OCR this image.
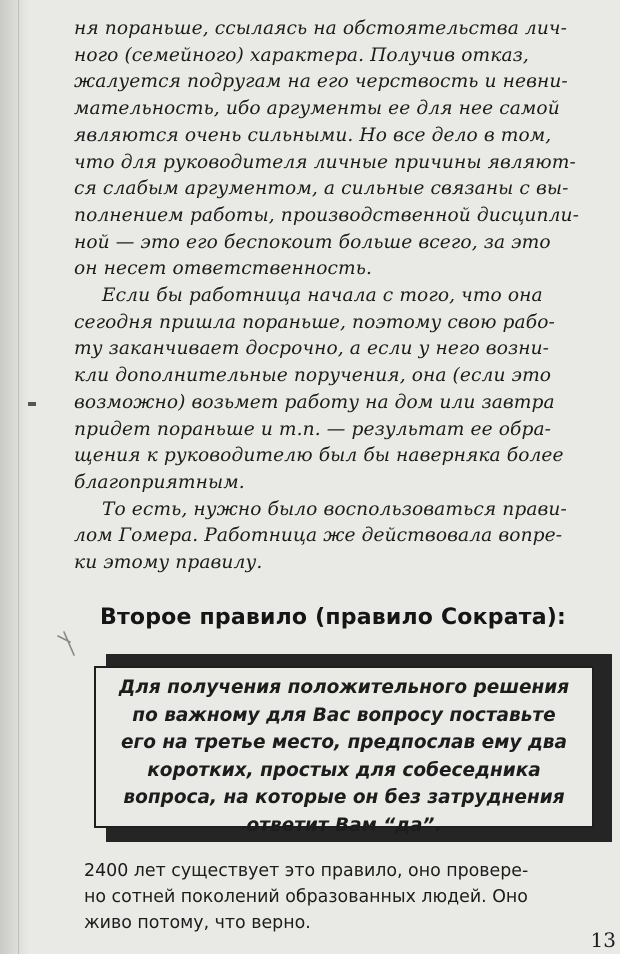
ня пораньше, ссылаясь на обстоятельства лич-
ного (семейного) характера. Получив отказ,
жалуется подругам на его черствость и невни-
мательность, ибо аргументы ее для нее самой
являются очень сильными. Но все дело в том,
что для руководителя личные причины являют-
ся слабым аргументом, а сильные связаны с вы-
полнением работы, производственной дисципли-
ной — это его беспокоит больше всего, за это
он несет ответственность.

Если бы работница начала с того, что она
сегодня пришла пораньше, поэтому свою рабо-
ту заканчивает досрочно, а если у него возни-
кли дополнительные поручения, она (если это
возможно) возьмет работу на дом или завтра
придет пораньше и т.п. — результат ее обра-
щения к руководителю был бы наверняка более
благоприятным.

То есть, нужно было воспользоваться прави-
лом Гомера. Работница же действовала вопре-
ки этому правилу.

Второе правило (правило Сократа):
Для получения положительного решения
по важному для Вас вопросу поставьте
его на третье место, предпослав ему два
коротких, простых для собеседника
вопроса, на которые он без затруднения
ответит Вам “да”.
2400 лет существует это правило, оно провере-
но сотней поколений образованных людей. Оно
живо потому, что верно.
13
